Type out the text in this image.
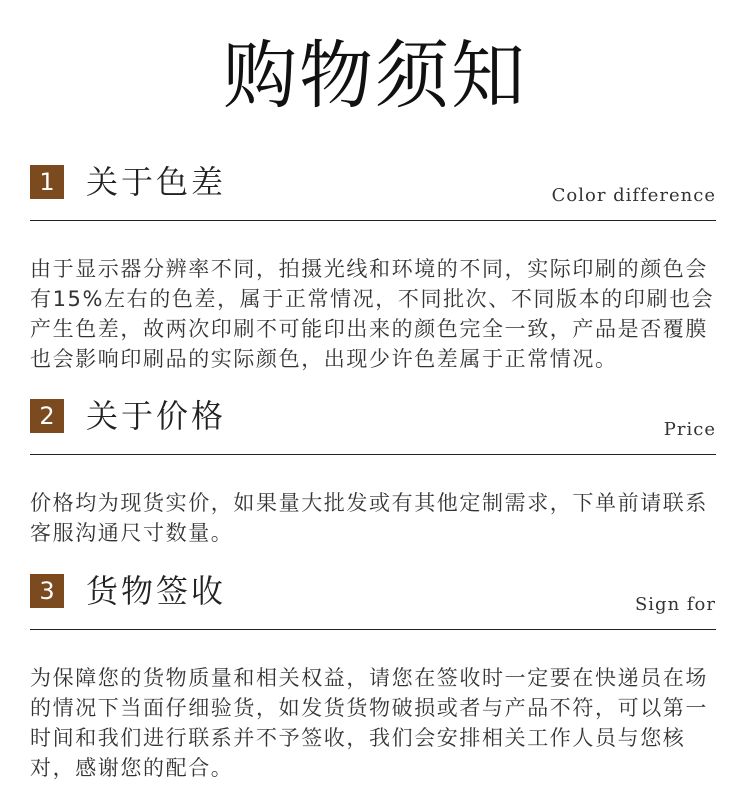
购物须知
1 关于色差	Color difference
由于显示器分辨率不同，拍摄光线和环境的不同，实际印刷的颜色会有15%左右的色差，属于正常情况，不同批次、不同版本的印刷也会产生色差，故两次印刷不可能印出来的颜色完全一致，产品是否覆膜也会影响印刷品的实际颜色，出现少许色差属于正常情况。
2 关于价格	Price
价格均为现货实价，如果量大批发或有其他定制需求，下单前请联系客服沟通尺寸数量。
3 货物签收	Sign for
为保障您的货物质量和相关权益，请您在签收时一定要在快递员在场的情况下当面仔细验货，如发货货物破损或者与产品不符，可以第一时间和我们进行联系并不予签收，我们会安排相关工作人员与您核对，感谢您的配合。
